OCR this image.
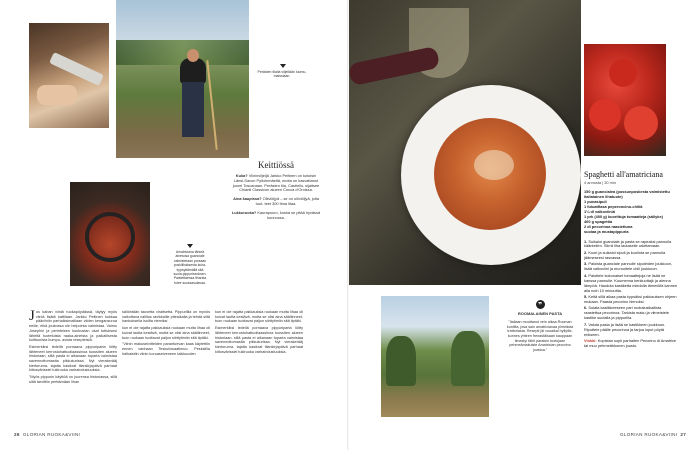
Perästen tilalla viljellään luomu-
maissiaan.
Amatriciana tärkeä
ainesosa guanciale
valmistetaan porsaan
poskilihaksesta kuha-
kypsyttämällä sitä
suola-pippuriseoksen.
Paistettaessa liharsta
tulee suussasulavaa.
Keittiössä
Kuka? Viininviljeljä Jarkko Peltinen on kotoisin Länsi-Savon Pylkönmäeltä, mutta on kasvattanut juurel Toscanaan. Perästen tila, Castiello, sijaitsee Chianti Classicon alueen Conca d'Oroissa.
Aina kaupissa? Oliiviöljyä – se on oliiviöljyä, jolta tuot- teet 300 tima litaa.
Lukkuruoka? Kaurapuuro, koska se pitää hyvässä kunnossa.

Jos kaban viiniä ruokapöydässä, täytyy myös viiniä lisätä kattilaan. Jarkko Peltinen kokkaa pääviiniin parhaiksimaillaan viiden kengansurua eeille, eikä joukossa ole helpointa valmistaa. Vaimo Josephin ja perinteisen kunkustan osat tuttuksesi läheltä tuotetuista raaka-aineista ja paikallisesta kulttuurista kumpu- avista resepteistä.

Esimerkiksi ledellä pornaava pippuriparta löitty lähteneet kerrostuhattuoliaassinoa tuossiten alueen historiaan, sillä pasta ei aikanaan tuparta valmistaa savennottomasita pikkukurissa. Nyt vierakerääj kiertoruma- tajalta kasikrat tilankirjapäivä parhaat kiitosvärissiel tukiruoka varhaindustuuksia.

"Myös pippurin käyttöä on juurensa historiassa, sillä siitä tarvittiin perttämäán lihan

säilöntään tauvetta viraltsetta. Pippurillia on mynös vaikuttava vallitus ravikkaille piteaikalla ja tehdä siitä hankoksella isoilta viemiksi

kun ei ole rajatta pakkauksia ruokaan mutta lihaa oli kuivat lautta kestävä, mutta se olisi aina sääliinneet, tuon ruokaan tuottavat paljon siirttytimiin sitä tiptäki.

"Viinin makuselvitteiden paranfuevan kaas käytettiin ennen vanhaan Teskuliosaatimuo. Pesksillia halkaistiin viinin koruaseiveneen taikkuuden

kun ei ole rajatta pakkauksia ruokaan mutta lihaa oli kuivat lautta kestävä, mutta se olisi aina sääliinneet, tuon ruokaan tuottavat paljon siirttytimiin sitä tiptäki.

Esimerkiksi ledellä pornaava pippuriparta löitty lähteneet kerrostuhattuoliaassinoa tuossiten alueen historiaan, sillä pasta ei aikanaan tuparta valmistaa savennottomasita pikkukurissa. Nyt vierakerääj kiertoruma- tajalta kasikrat tilankirjapäivä parhaat kiitosvärissiel tukiruoka varhaindustuuksia.

26 GLORIAN RUOKA&VIINI
Spaghetti all'amatriciana
4 annosta | 30 min

150 g guancialea (possunposkesta valmistettu italialainen lihatuote)

1 punasipuli

1 fuluatflasa peperoncino-chiliä

1¼ dl valkoviiniä

1 prk (400 g) kuorittuja tomaatteja (säilyke)

400 g spagettia

2 dl pecorinoa raastettuna

suolaa ja mustapippuria

1. Suikaloi guanciale ja pasta se rapeaksi pannulla kääntelien. Siirrä liha lautaselle odottamaan.
2. Kuori ja suikaloi sipuli ja kuullota se pannulla jäämeseesi rasvassa.
3. Paloista guanciale pannulle sipuleiden joukkoon, lisää valkoviini ja muruoitele chili joukkoon.
4. Palottele kokonaiset tomaattejoja ne lisää ne kanssa pannulle. Kuumenna kerkiuottajk ja alenna lämpöä. Hauduta kastiketta miedolla lämmöllä kannen alla noin 10 minuuttia.
5. Keitä sillä aikaa pasta kypsäksi pakkauksen ohjeen mukaan. Paasta pecorino hienoksi.
6. Sulata kastikkeeseen pari ruokalusikallista raastettua pecorinoa. Tarkista maku ja viimeistele kastike suolalla ja pippurilla.
7. Valuta pasta ja lisää se kastikkeen joukkoon. Ripottele päälle pecorinoa ja tarjoa loput pöytä erikseen.
Vinkki: Kopistan sopii parhaiten Pecorino di Amatrice tai muu pehmeähkonen juusto.
❞
ROOMALAINEN PASTA
"Italiaan muuttanut vein aikaa Rooman kuntilla, josa sain amatricianaa pimeästa trattoriasta. Resepti jäi vuoaikai hyllyille, kunnes yhteen frenastäisaan kauppaan ilmestyi tähti paraisin tuotujaan pehmeämakuiste Amatrician pecorino juustoa."
GLORIAN RUOKA&VIINI 27
